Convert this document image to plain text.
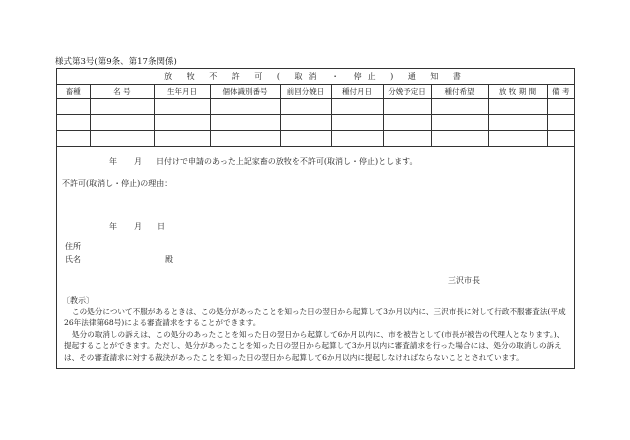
様式第3号(第9条、第17条関係)
放 牧 不 許 可 ( 取消 ・ 停止 ) 通 知 書									
畜種	名 号	生年月日	個体識別番号	前回分娩日	種付月日	分娩予定日	種付希望	放 牧 期 間	備 考

年 月 日付けで申請のあった上記家畜の放牧を不許可(取消し・停止)とします。
不許可(取消し・停止)の理由：
年 月 日
住所
氏名	殿
三沢市長
〔教示〕
この処分について不服があるときは、この処分があったことを知った日の翌日から起算して3か月以内に、三沢市長に対して行政不服審査法(平成26年法律第68号)による審査請求をすることができます。
処分の取消しの訴えは、この処分のあったことを知った日の翌日から起算して6か月以内に、市を被告として(市長が被告の代理人となります。)、提起することができます。ただし、処分があったことを知った日の翌日から起算して3か月以内に審査請求を行った場合には、処分の取消しの訴えは、その審査請求に対する裁決があったことを知った日の翌日から起算して6か月以内に提起しなければならないこととされています。
